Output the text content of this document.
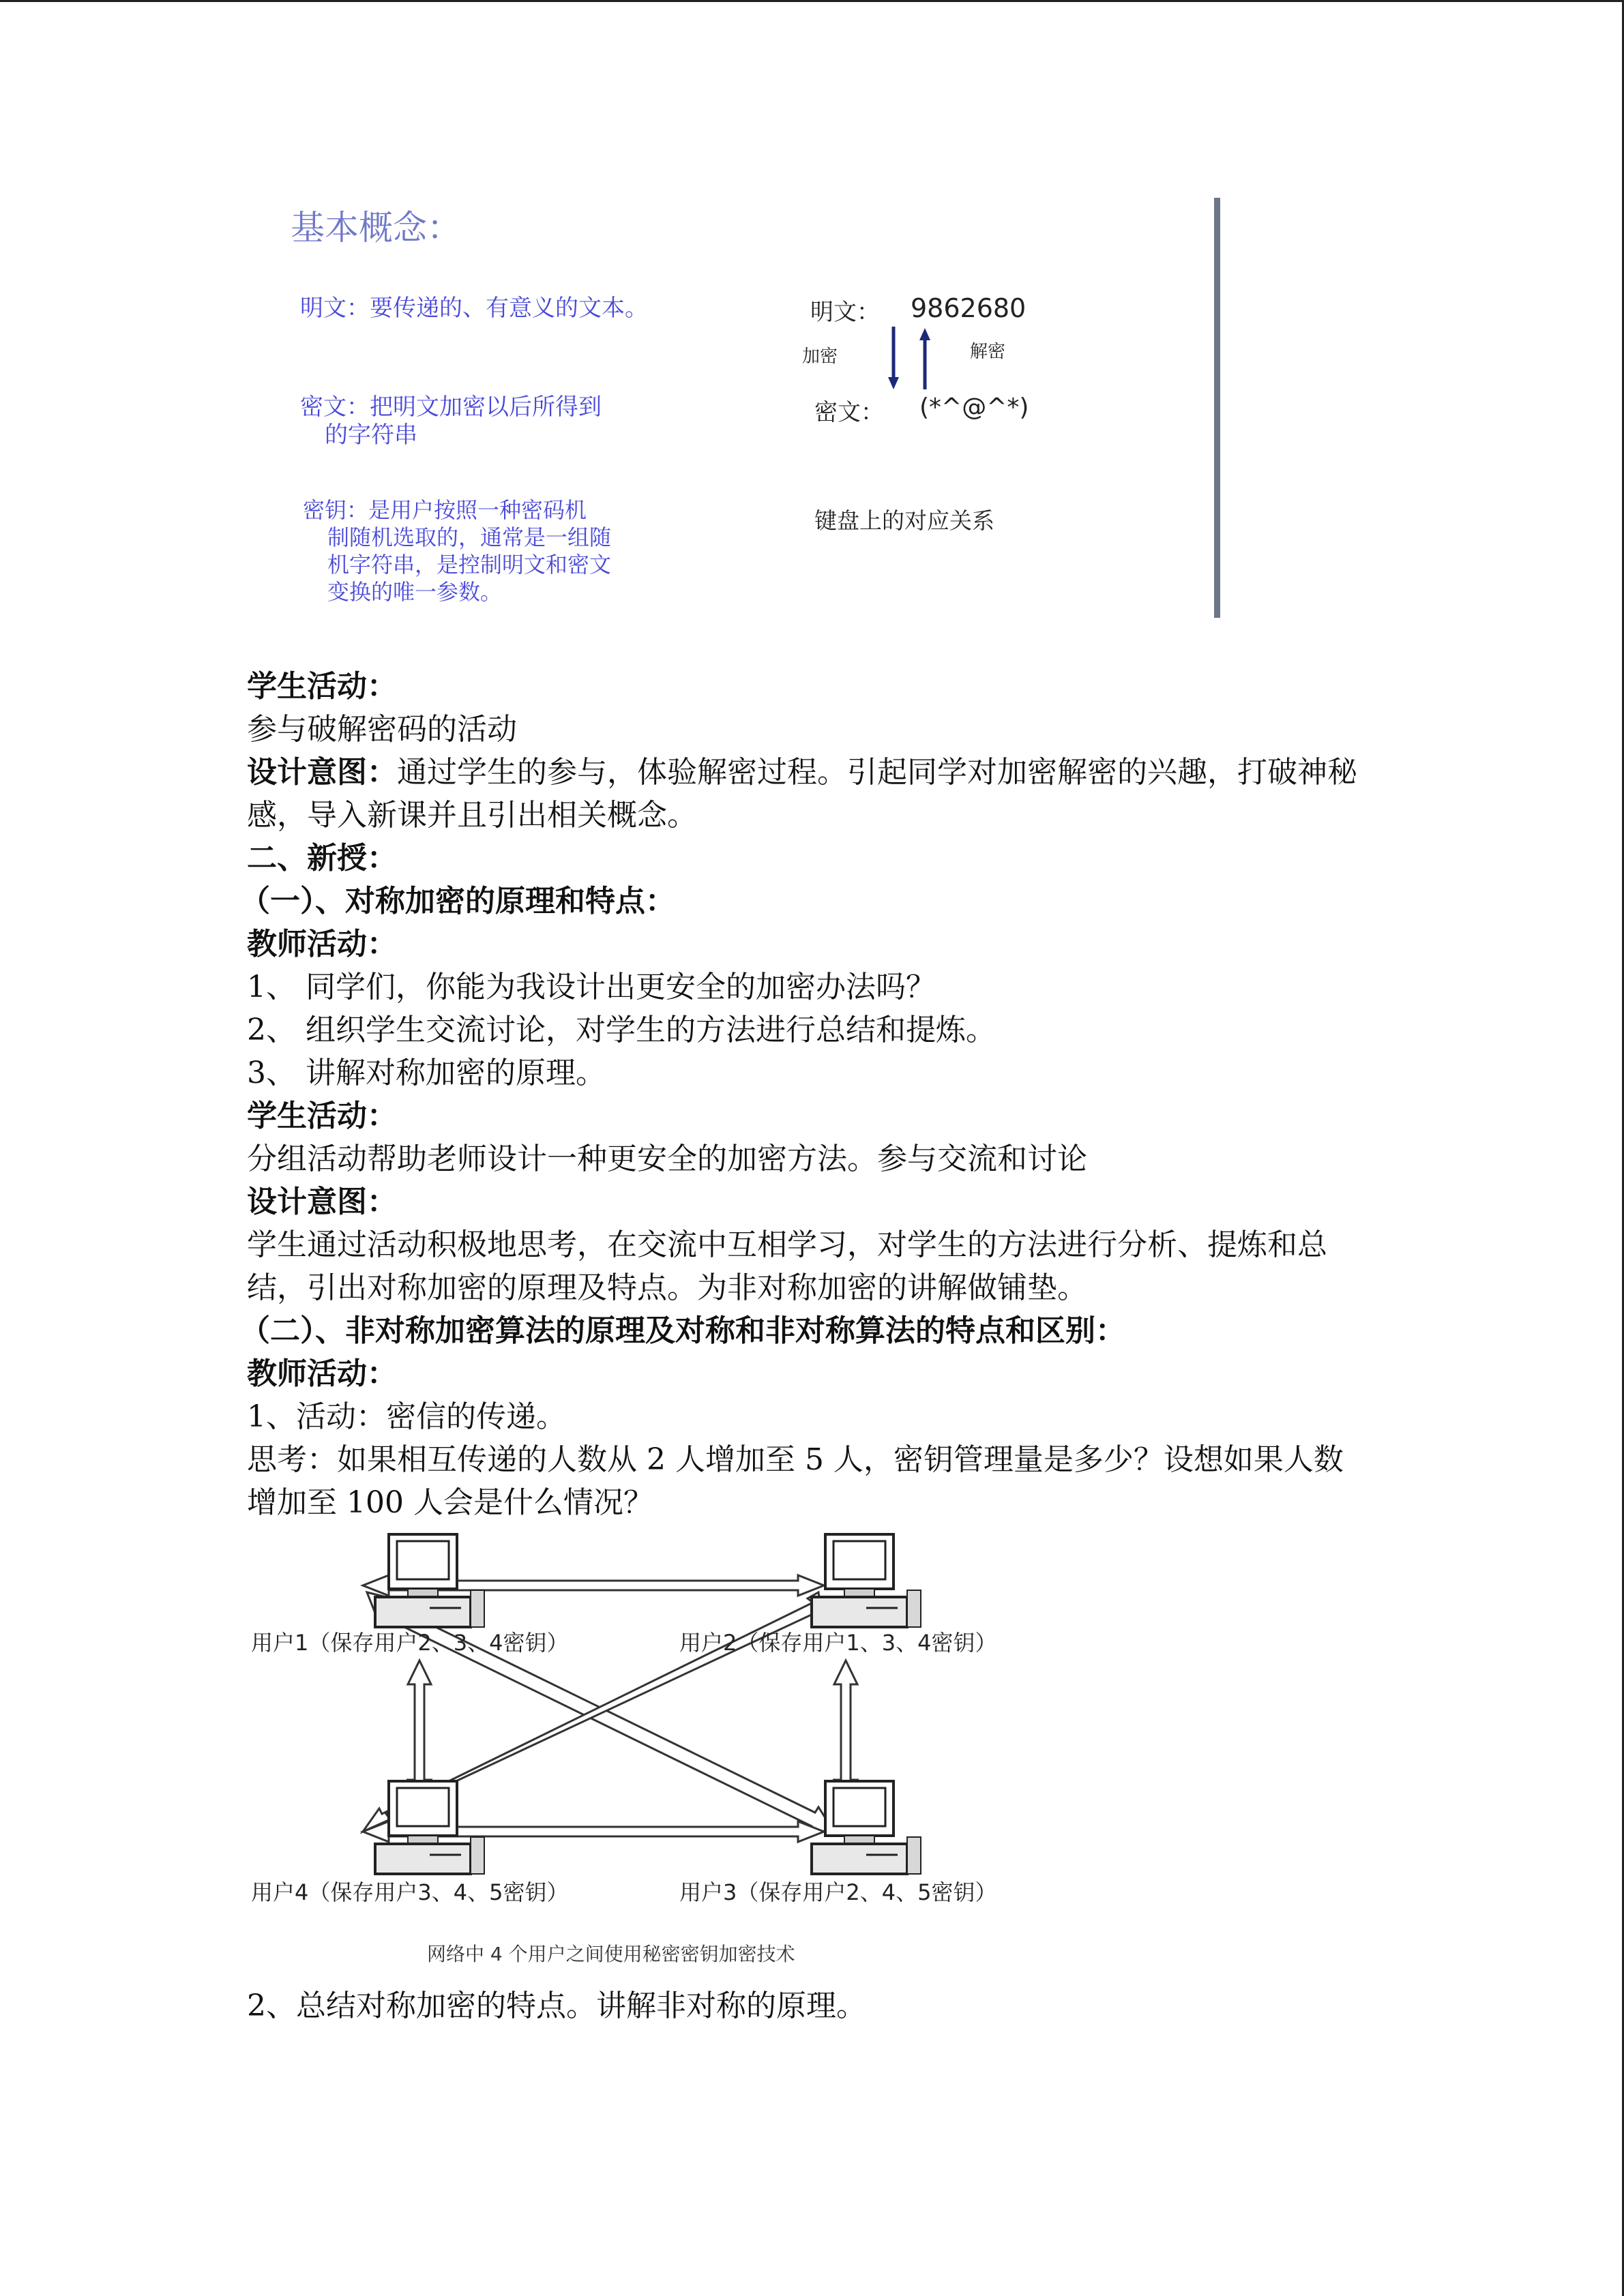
基本概念：
明文：要传递的、有意义的文本。
密文：把明文加密以后所得到
的字符串
密钥：是用户按照一种密码机
制随机选取的，通常是一组随
机字符串，是控制明文和密文
变换的唯一参数。
明文： 9862680
加密	解密
密文： (*^@^*)
键盘上的对应关系
学生活动：
参与破解密码的活动
设计意图：通过学生的参与，体验解密过程。引起同学对加密解密的兴趣，打破神秘感，导入新课并且引出相关概念。
二、新授：
（一）、对称加密的原理和特点：
教师活动：
1、 同学们，你能为我设计出更安全的加密办法吗？
2、 组织学生交流讨论，对学生的方法进行总结和提炼。
3、 讲解对称加密的原理。
学生活动：
分组活动帮助老师设计一种更安全的加密方法。参与交流和讨论
设计意图：
学生通过活动积极地思考，在交流中互相学习，对学生的方法进行分析、提炼和总结，引出对称加密的原理及特点。为非对称加密的讲解做铺垫。
（二）、非对称加密算法的原理及对称和非对称算法的特点和区别：
教师活动：
1、活动：密信的传递。
思考：如果相互传递的人数从 2 人增加至 5 人，密钥管理量是多少？设想如果人数增加至 100 人会是什么情况？
用户1（保存用户2、3、4密钥）	用户2（保存用户1、3、4密钥）
用户4（保存用户3、4、5密钥）	用户3（保存用户2、4、5密钥）
网络中 4 个用户之间使用秘密密钥加密技术
2、总结对称加密的特点。讲解非对称的原理。
